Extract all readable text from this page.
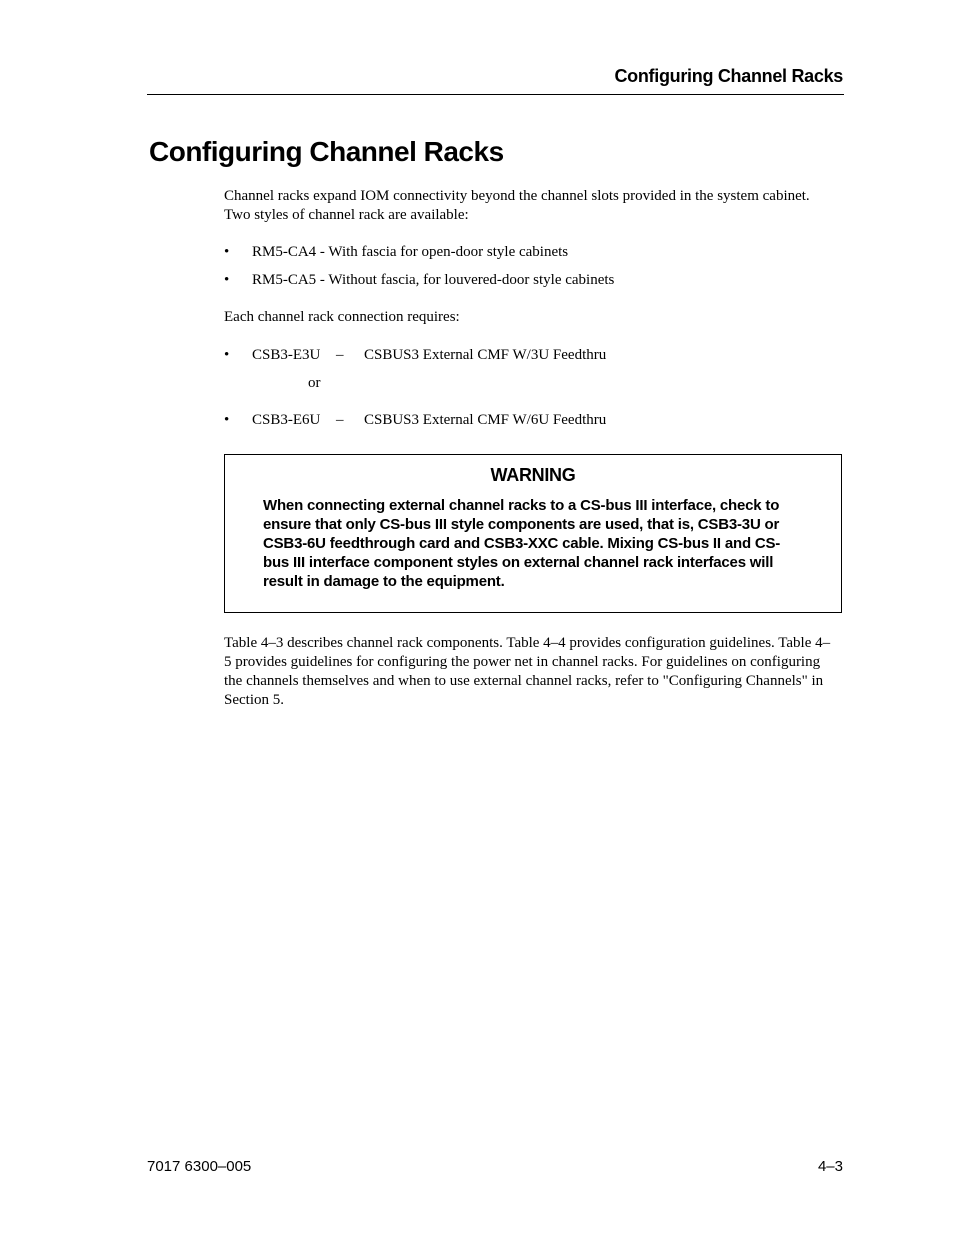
Configuring Channel Racks
Configuring Channel Racks

Channel racks expand IOM connectivity beyond the channel slots provided in the system cabinet. Two styles of channel rack are available:

• RM5-CA4 - With fascia for open-door style cabinets
• RM5-CA5 - Without fascia, for louvered-door style cabinets

Each channel rack connection requires:

• CSB3-E3U – CSBUS3 External CMF W/3U Feedthru
or
• CSB3-E6U – CSBUS3 External CMF W/6U Feedthru
WARNING

When connecting external channel racks to a CS-bus III interface, check to ensure that only CS-bus III style components are used, that is, CSB3-3U or CSB3-6U feedthrough card and CSB3-XXC cable. Mixing CS-bus II and CS-bus III interface component styles on external channel rack interfaces will result in damage to the equipment.

Table 4–3 describes channel rack components. Table 4–4 provides configuration guidelines. Table 4–5 provides guidelines for configuring the power net in channel racks. For guidelines on configuring the channels themselves and when to use external channel racks, refer to "Configuring Channels" in Section 5.

7017 6300–005	4–3
